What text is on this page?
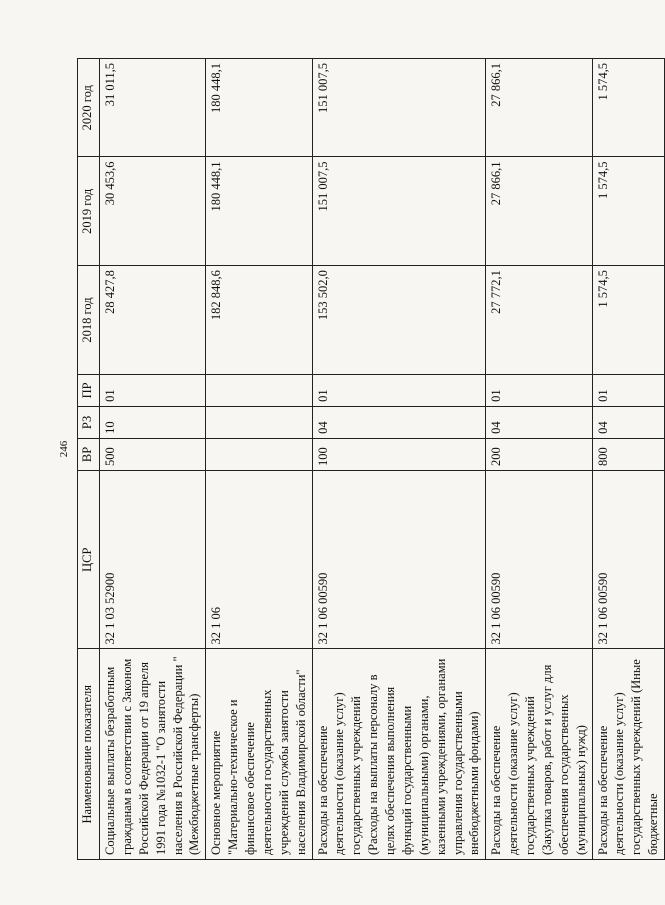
246
Наименование показателя	ЦСР	ВР	РЗ	ПР	2018 год	2019 год	2020 год
Социальные выплаты безработным гражданам в соответствии с Законом Российской Федерации от 19 апреля 1991 года №1032-1 "О занятости населения в Российской Федерации " (Межбюджетные трансферты)	32 1 03 52900	500	10	01	28 427,8	30 453,6	31 011,5
Основное мероприятие "Материально-техническое и финансовое обеспечение деятельности государственных учреждений службы занятости населения Владимирской области"	32 1 06				182 848,6	180 448,1	180 448,1
Расходы на обеспечение деятельности (оказание услуг) государственных учреждений (Расходы на выплаты персоналу в целях обеспечения выполнения функций государственными (муниципальными) органами, казенными учреждениями, органами управления государственными внебюджетными фондами)	32 1 06 00590	100	04	01	153 502,0	151 007,5	151 007,5
Расходы на обеспечение деятельности (оказание услуг) государственных учреждений (Закупка товаров, работ и услуг для обеспечения государственных (муниципальных) нужд)	32 1 06 00590	200	04	01	27 772,1	27 866,1	27 866,1
Расходы на обеспечение деятельности (оказание услуг) государственных учреждений (Иные бюджетные	32 1 06 00590	800	04	01	1 574,5	1 574,5	1 574,5
